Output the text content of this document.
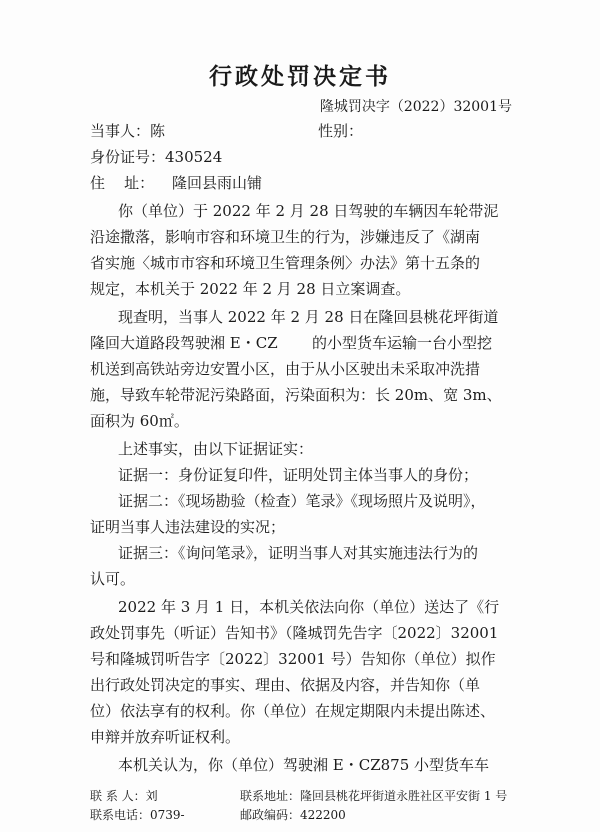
行政处罚决定书
隆城罚决字（2022）32001号
当事人：陈	性别：
身份证号：430524
住    址： 隆回县雨山铺
你（单位）于 2022 年 2 月 28 日驾驶的车辆因车轮带泥
沿途撒落，影响市容和环境卫生的行为，涉嫌违反了《湖南
省实施〈城市市容和环境卫生管理条例〉办法》第十五条的
规定，本机关于 2022 年 2 月 28 日立案调查。
现查明，当事人 2022 年 2 月 28 日在隆回县桃花坪街道
隆回大道路段驾驶湘 E・CZ 的小型货车运输一台小型挖
机送到高铁站旁边安置小区，由于从小区驶出未采取冲洗措
施，导致车轮带泥污染路面，污染面积为：长 20m、宽 3m、
面积为 60㎡。
上述事实，由以下证据证实：
证据一：身份证复印件，证明处罚主体当事人的身份；
证据二：《现场勘验（检查）笔录》《现场照片及说明》，
证明当事人违法建设的实况；
证据三：《询问笔录》，证明当事人对其实施违法行为的
认可。
2022 年 3 月 1 日，本机关依法向你（单位）送达了《行
政处罚事先（听证）告知书》（隆城罚先告字〔2022〕32001
号和隆城罚听告字〔2022〕32001 号）告知你（单位）拟作
出行政处罚决定的事实、理由、依据及内容，并告知你（单
位）依法享有的权利。你（单位）在规定期限内未提出陈述、
申辩并放弃听证权利。
本机关认为，你（单位）驾驶湘 E・CZ875 小型货车车
联 系 人：刘
联系电话：0739-
联系地址：隆回县桃花坪街道永胜社区平安街 1 号
邮政编码：422200
